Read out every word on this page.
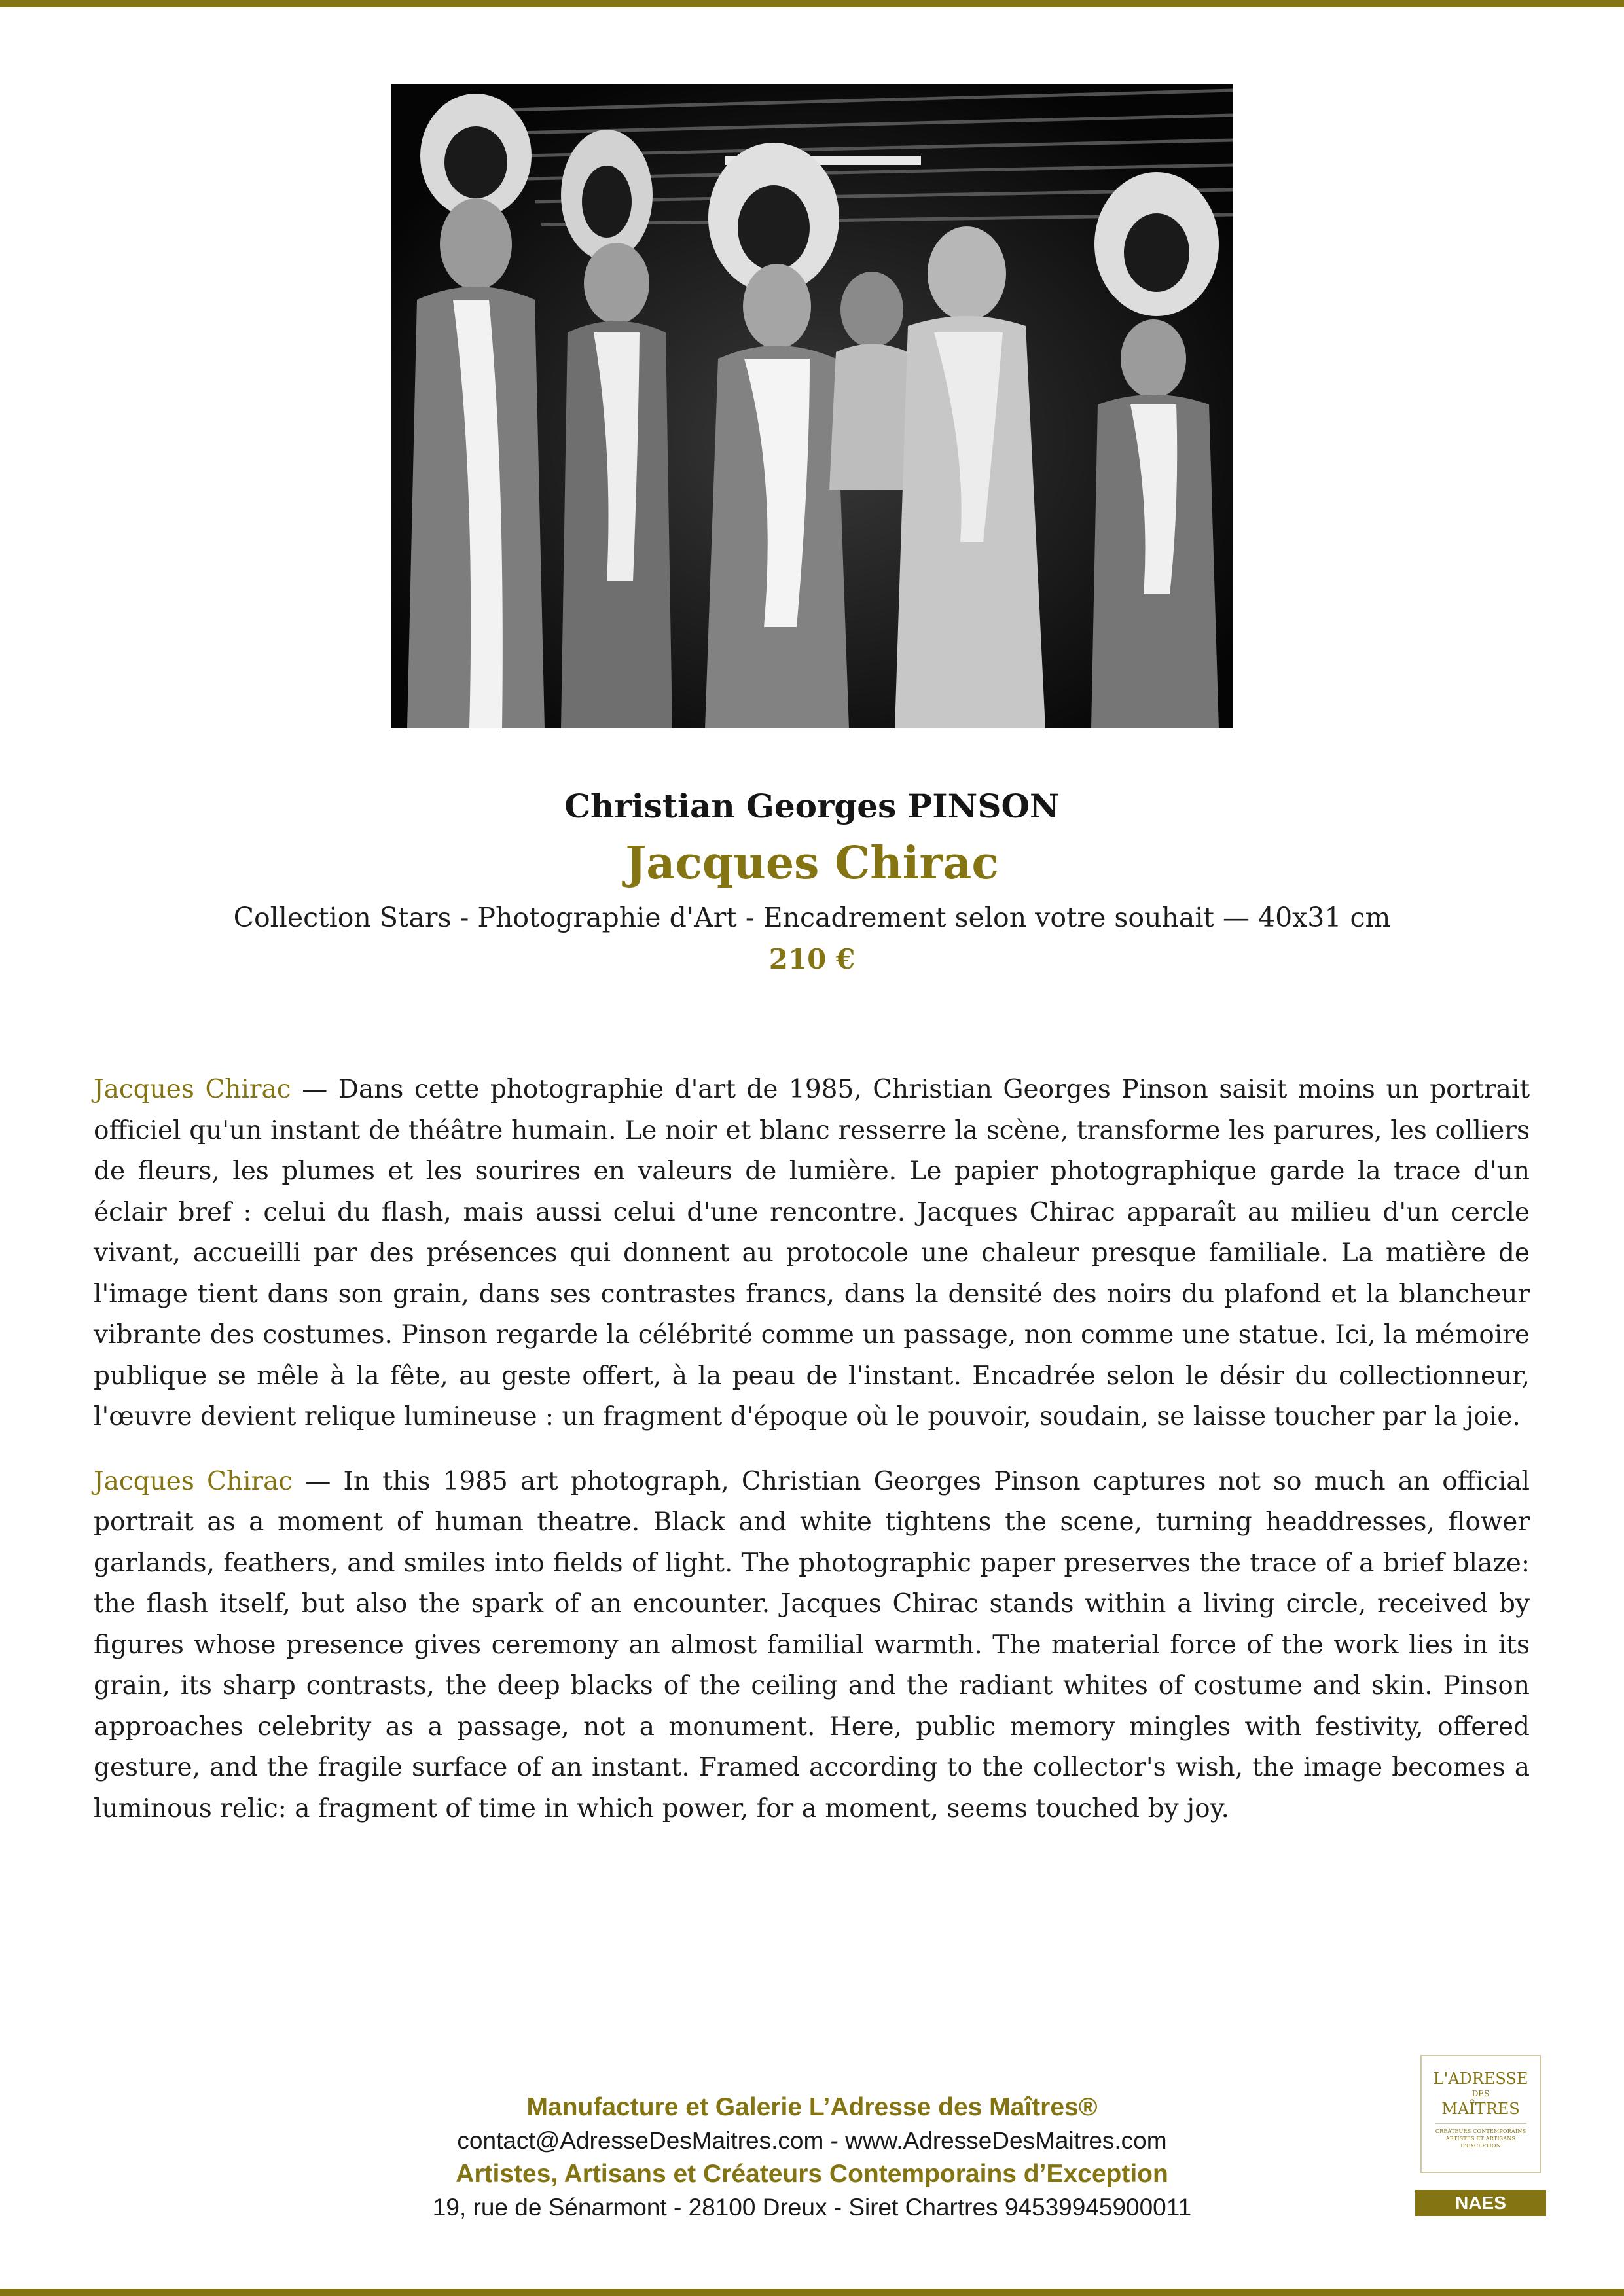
Christian Georges PINSON
Jacques Chirac
Collection Stars - Photographie d'Art - Encadrement selon votre souhait — 40x31 cm
210 €

Jacques Chirac — Dans cette photographie d'art de 1985, Christian Georges Pinson saisit moins un portrait officiel qu'un instant de théâtre humain. Le noir et blanc resserre la scène, transforme les parures, les colliers de fleurs, les plumes et les sourires en valeurs de lumière. Le papier photographique garde la trace d'un éclair bref : celui du flash, mais aussi celui d'une rencontre. Jacques Chirac apparaît au milieu d'un cercle vivant, accueilli par des présences qui donnent au protocole une chaleur presque familiale. La matière de l'image tient dans son grain, dans ses contrastes francs, dans la densité des noirs du plafond et la blancheur vibrante des costumes. Pinson regarde la célébrité comme un passage, non comme une statue. Ici, la mémoire publique se mêle à la fête, au geste offert, à la peau de l'instant. Encadrée selon le désir du collectionneur, l'œuvre devient relique lumineuse : un fragment d'époque où le pouvoir, soudain, se laisse toucher par la joie.

Jacques Chirac — In this 1985 art photograph, Christian Georges Pinson captures not so much an official portrait as a moment of human theatre. Black and white tightens the scene, turning headdresses, flower garlands, feathers, and smiles into fields of light. The photographic paper preserves the trace of a brief blaze: the flash itself, but also the spark of an encounter. Jacques Chirac stands within a living circle, received by figures whose presence gives ceremony an almost familial warmth. The material force of the work lies in its grain, its sharp contrasts, the deep blacks of the ceiling and the radiant whites of costume and skin. Pinson approaches celebrity as a passage, not a monument. Here, public memory mingles with festivity, offered gesture, and the fragile surface of an instant. Framed according to the collector's wish, the image becomes a luminous relic: a fragment of time in which power, for a moment, seems touched by joy.

Manufacture et Galerie L’Adresse des Maîtres®
contact@AdresseDesMaitres.com - www.AdresseDesMaitres.com
Artistes, Artisans et Créateurs Contemporains d’Exception
19, rue de Sénarmont - 28100 Dreux - Siret Chartres 94539945900011
L'ADRESSE
DES
MAÎTRES
CRÉATEURS CONTEMPORAINS ARTISTES ET ARTISANS D'EXCEPTION
NAES
